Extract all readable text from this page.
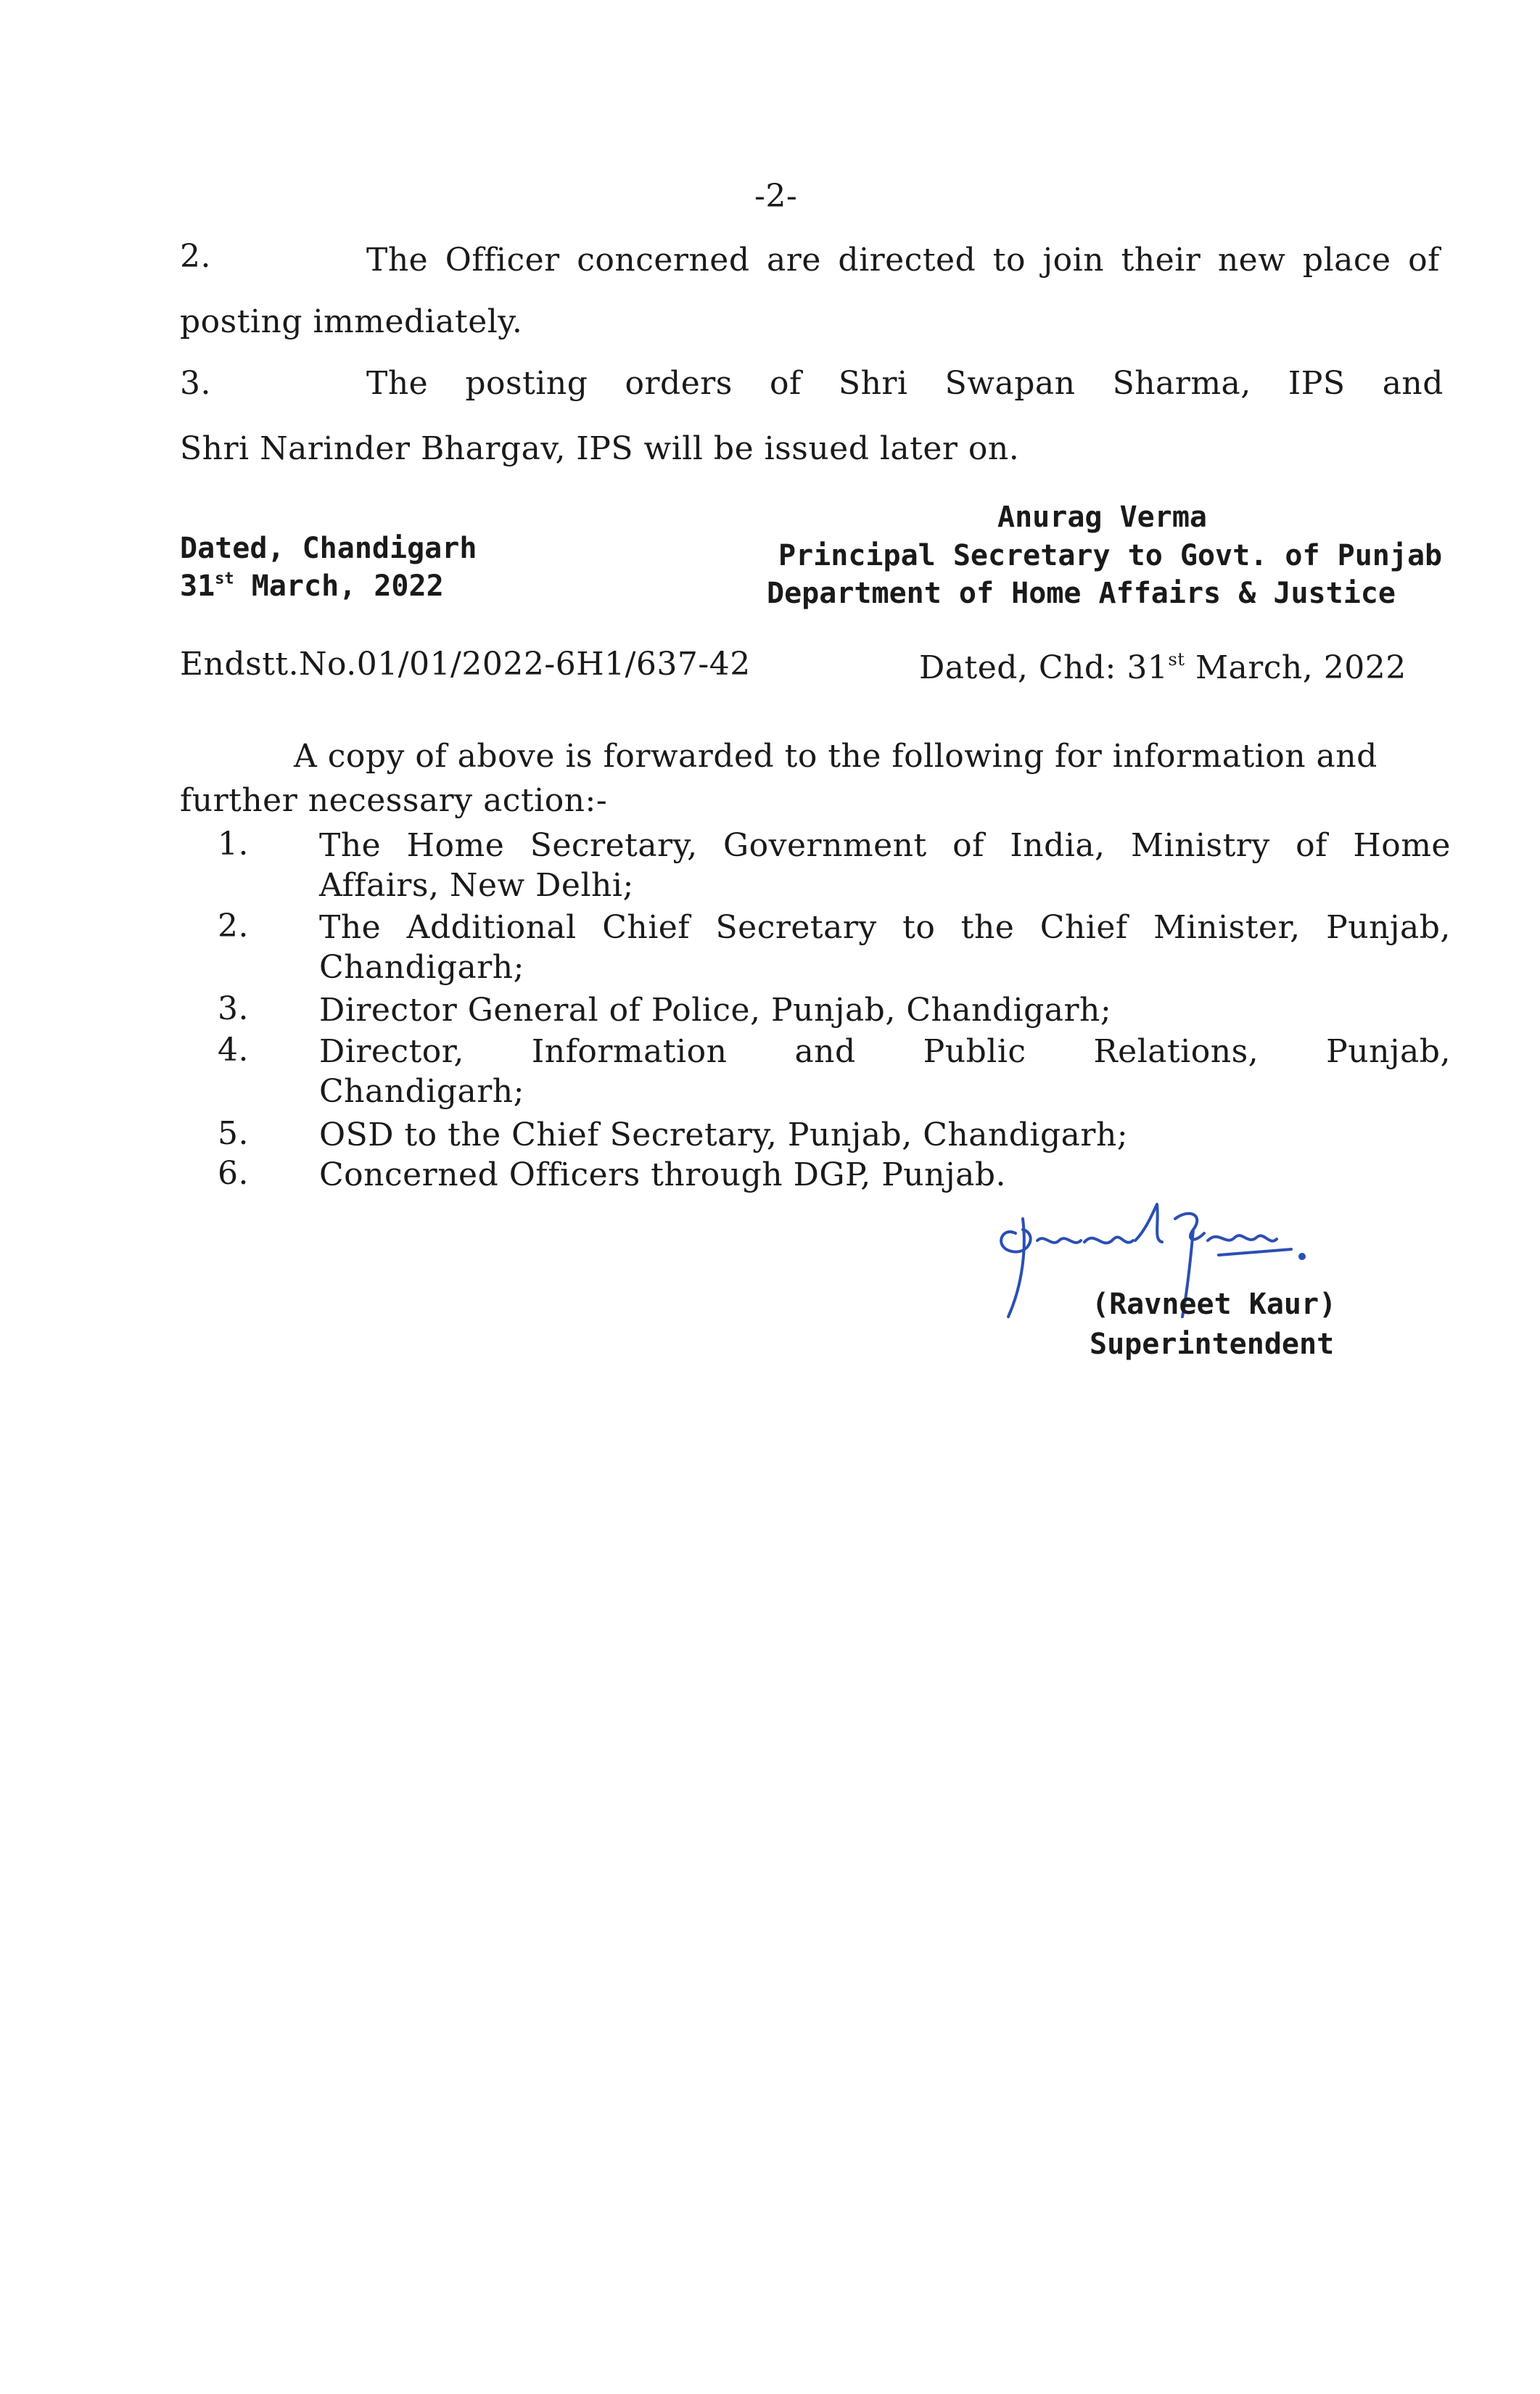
-2-
2.	The Officer concerned are directed to join their new place of
posting immediately.
3.	The posting orders of Shri Swapan Sharma, IPS and
Shri Narinder Bhargav, IPS will be issued later on.
Anurag Verma
Dated, Chandigarh	Principal Secretary to Govt. of Punjab
31st March, 2022	Department of Home Affairs & Justice
Endstt.No.01/01/2022-6H1/637-42	Dated, Chd: 31st March, 2022
A copy of above is forwarded to the following for information and
further necessary action:-
1. The Home Secretary, Government of India, Ministry of Home
Affairs, New Delhi;
2. The Additional Chief Secretary to the Chief Minister, Punjab,
Chandigarh;
3. Director General of Police, Punjab, Chandigarh;
4. Director, Information and Public Relations, Punjab,
Chandigarh;
5. OSD to the Chief Secretary, Punjab, Chandigarh;
6. Concerned Officers through DGP, Punjab.
(Ravneet Kaur)
Superintendent
